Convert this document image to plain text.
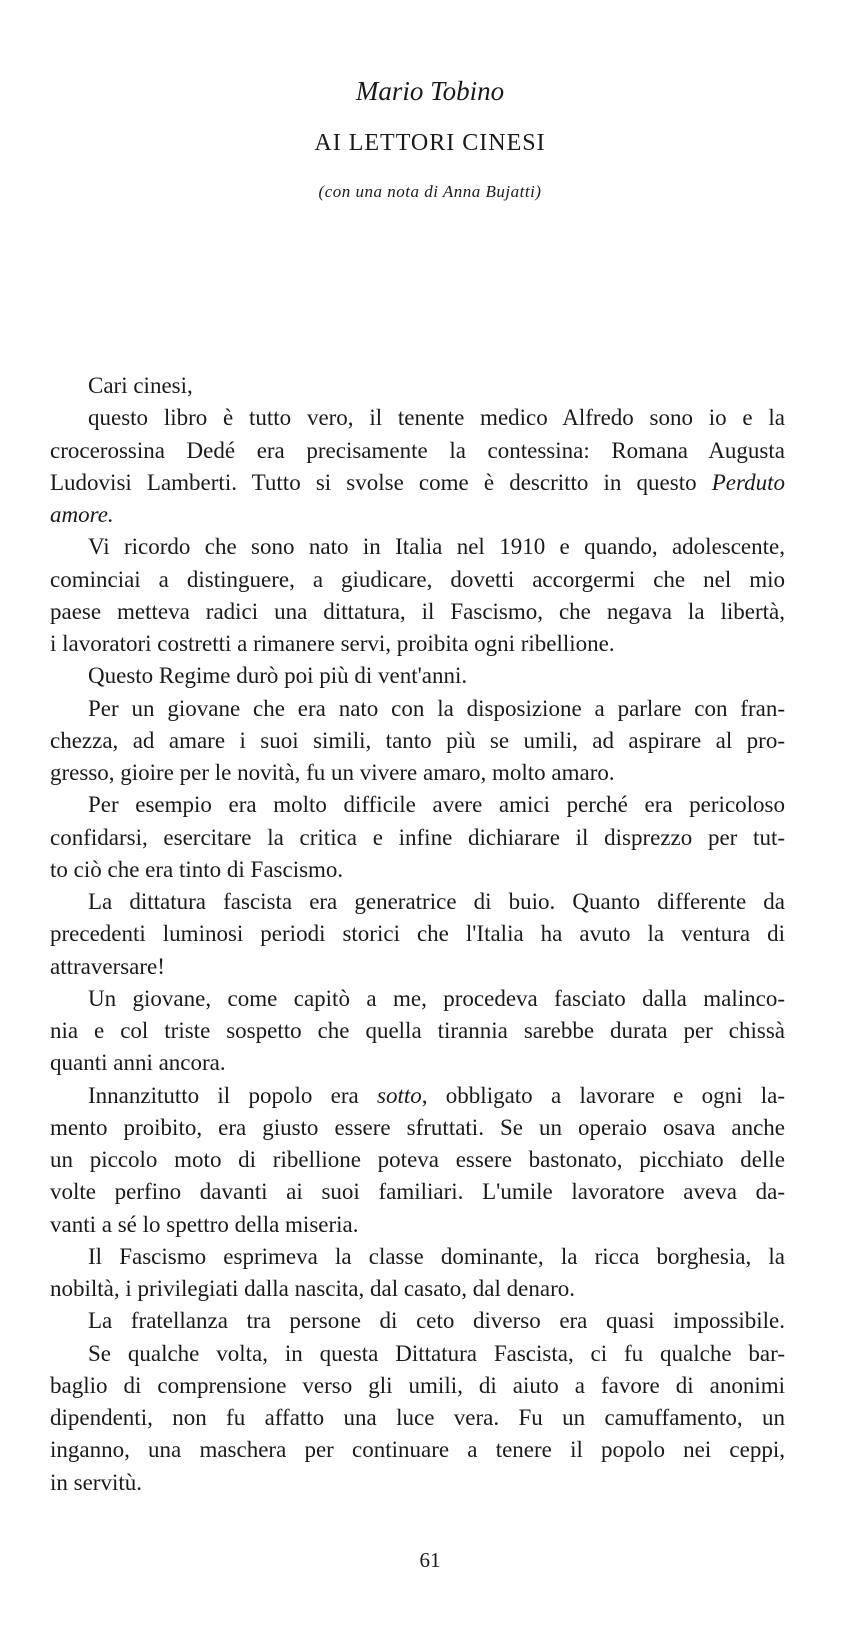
Mario Tobino
AI LETTORI CINESI
(con una nota di Anna Bujatti)
Cari cinesi,
questo libro è tutto vero, il tenente medico Alfredo sono io e la
crocerossina Dedé era precisamente la contessina: Romana Augusta
Ludovisi Lamberti. Tutto si svolse come è descritto in questo Perduto
amore.
Vi ricordo che sono nato in Italia nel 1910 e quando, adolescente,
cominciai a distinguere, a giudicare, dovetti accorgermi che nel mio
paese metteva radici una dittatura, il Fascismo, che negava la libertà,
i lavoratori costretti a rimanere servi, proibita ogni ribellione.
Questo Regime durò poi più di vent'anni.
Per un giovane che era nato con la disposizione a parlare con fran-
chezza, ad amare i suoi simili, tanto più se umili, ad aspirare al pro-
gresso, gioire per le novità, fu un vivere amaro, molto amaro.
Per esempio era molto difficile avere amici perché era pericoloso
confidarsi, esercitare la critica e infine dichiarare il disprezzo per tut-
to ciò che era tinto di Fascismo.
La dittatura fascista era generatrice di buio. Quanto differente da
precedenti luminosi periodi storici che l'Italia ha avuto la ventura di
attraversare!
Un giovane, come capitò a me, procedeva fasciato dalla malinco-
nia e col triste sospetto che quella tirannia sarebbe durata per chissà
quanti anni ancora.
Innanzitutto il popolo era sotto, obbligato a lavorare e ogni la-
mento proibito, era giusto essere sfruttati. Se un operaio osava anche
un piccolo moto di ribellione poteva essere bastonato, picchiato delle
volte perfino davanti ai suoi familiari. L'umile lavoratore aveva da-
vanti a sé lo spettro della miseria.
Il Fascismo esprimeva la classe dominante, la ricca borghesia, la
nobiltà, i privilegiati dalla nascita, dal casato, dal denaro.
La fratellanza tra persone di ceto diverso era quasi impossibile.
Se qualche volta, in questa Dittatura Fascista, ci fu qualche bar-
baglio di comprensione verso gli umili, di aiuto a favore di anonimi
dipendenti, non fu affatto una luce vera. Fu un camuffamento, un
inganno, una maschera per continuare a tenere il popolo nei ceppi,
in servitù.
61
